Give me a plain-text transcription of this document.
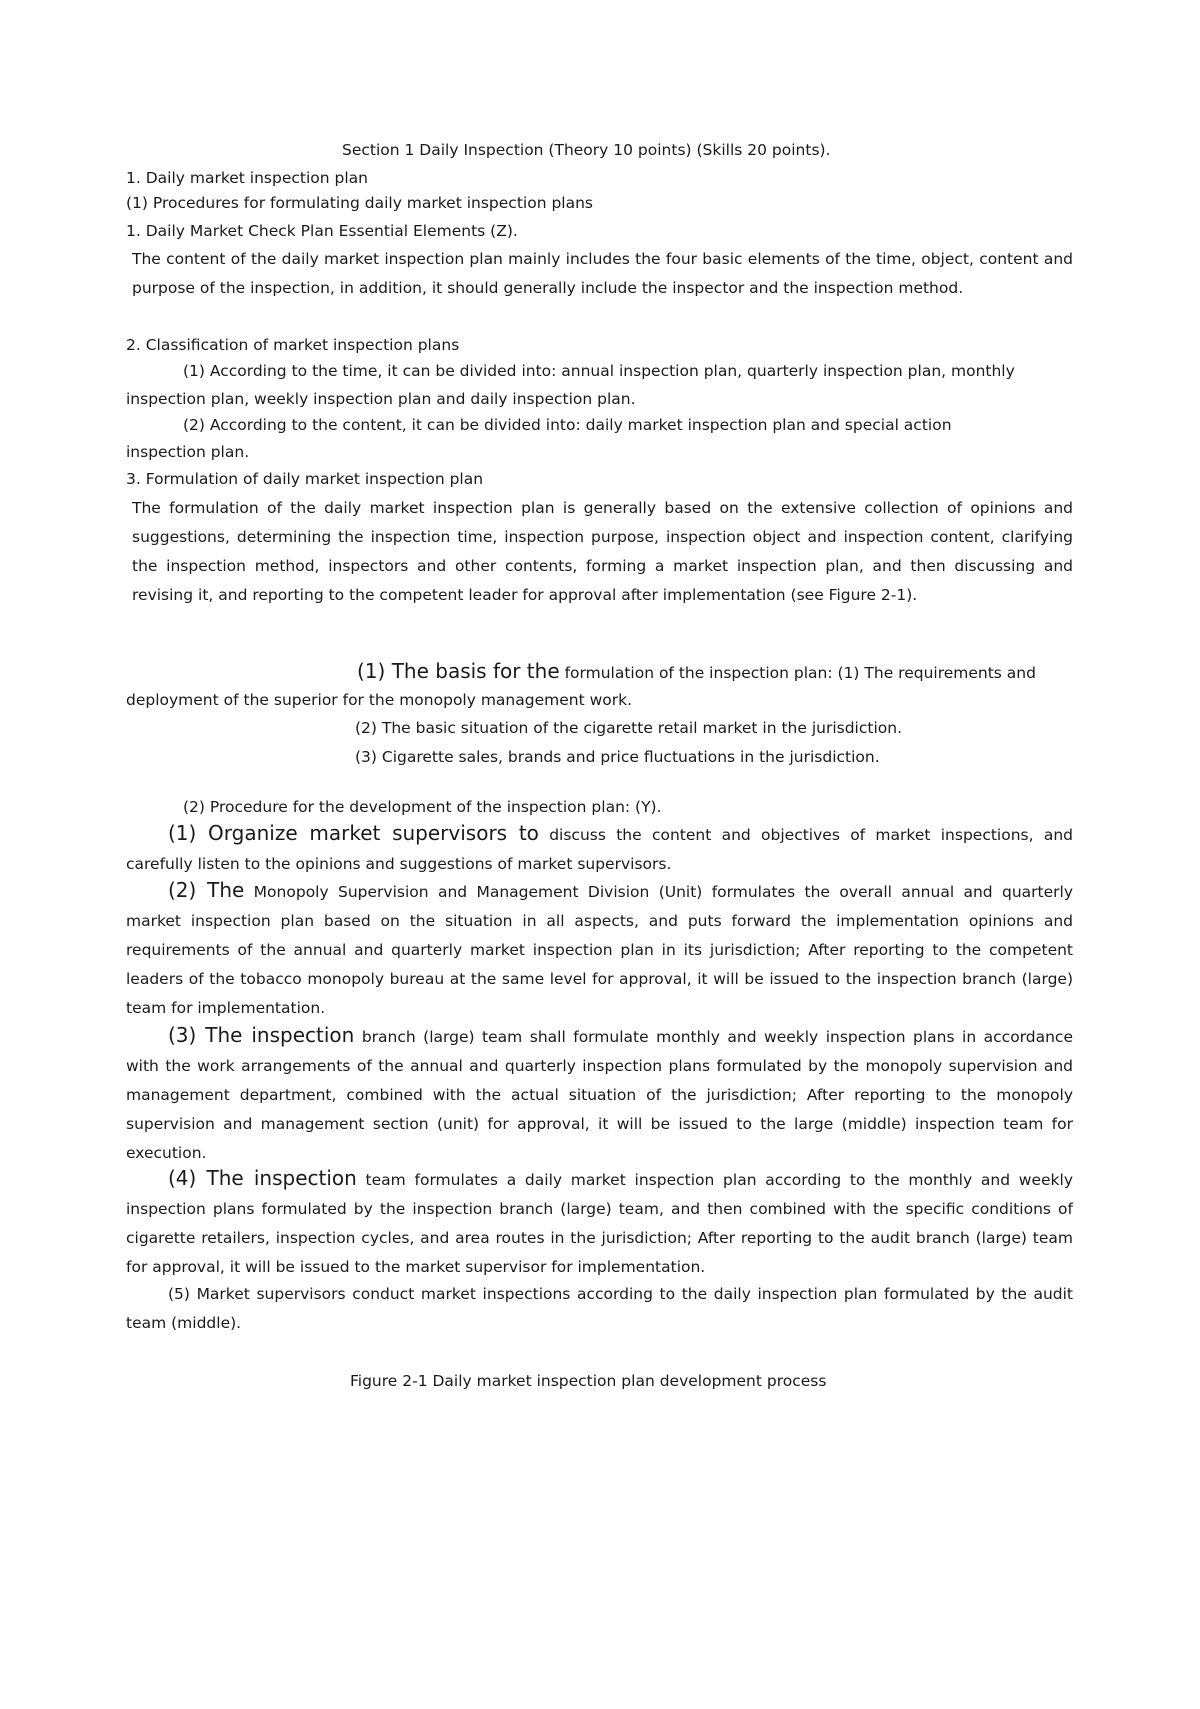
Section 1 Daily Inspection (Theory 10 points) (Skills 20 points).
1. Daily market inspection plan
(1) Procedures for formulating daily market inspection plans
1. Daily Market Check Plan Essential Elements (Z).
The content of the daily market inspection plan mainly includes the four basic elements of the time, object, content and purpose of the inspection, in addition, it should generally include the inspector and the inspection method.
2. Classification of market inspection plans
(1) According to the time, it can be divided into: annual inspection plan, quarterly inspection plan, monthly
inspection plan, weekly inspection plan and daily inspection plan.
(2) According to the content, it can be divided into: daily market inspection plan and special action
inspection plan.
3. Formulation of daily market inspection plan
The formulation of the daily market inspection plan is generally based on the extensive collection of opinions and suggestions, determining the inspection time, inspection purpose, inspection object and inspection content, clarifying the inspection method, inspectors and other contents, forming a market inspection plan, and then discussing and revising it, and reporting to the competent leader for approval after implementation (see Figure 2-1).
(1) The basis for the formulation of the inspection plan: (1) The requirements and
deployment of the superior for the monopoly management work.
(2) The basic situation of the cigarette retail market in the jurisdiction.
(3) Cigarette sales, brands and price fluctuations in the jurisdiction.
(2) Procedure for the development of the inspection plan: (Y).
(1) Organize market supervisors to discuss the content and objectives of market inspections, and carefully listen to the opinions and suggestions of market supervisors.
(2) The Monopoly Supervision and Management Division (Unit) formulates the overall annual and quarterly market inspection plan based on the situation in all aspects, and puts forward the implementation opinions and requirements of the annual and quarterly market inspection plan in its jurisdiction; After reporting to the competent leaders of the tobacco monopoly bureau at the same level for approval, it will be issued to the inspection branch (large) team for implementation.
(3) The inspection branch (large) team shall formulate monthly and weekly inspection plans in accordance with the work arrangements of the annual and quarterly inspection plans formulated by the monopoly supervision and management department, combined with the actual situation of the jurisdiction; After reporting to the monopoly supervision and management section (unit) for approval, it will be issued to the large (middle) inspection team for execution.
(4) The inspection team formulates a daily market inspection plan according to the monthly and weekly inspection plans formulated by the inspection branch (large) team, and then combined with the specific conditions of cigarette retailers, inspection cycles, and area routes in the jurisdiction; After reporting to the audit branch (large) team for approval, it will be issued to the market supervisor for implementation.
(5) Market supervisors conduct market inspections according to the daily inspection plan formulated by the audit team (middle).
Figure 2-1 Daily market inspection plan development process
